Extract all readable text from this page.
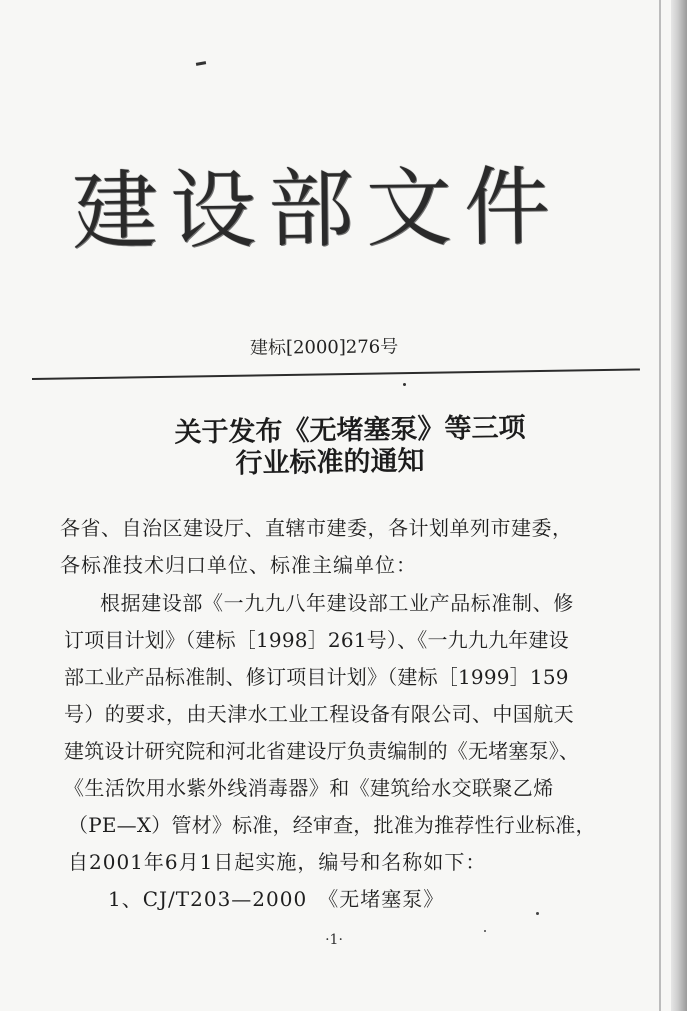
建设部文件
建标[2000]276号
关于发布《无堵塞泵》等三项
行业标准的通知
各省、自治区建设厅、直辖市建委，各计划单列市建委，
各标准技术归口单位、标准主编单位：
根据建设部《一九九八年建设部工业产品标准制、修
订项目计划》（建标［1998］261号）、《一九九九年建设
部工业产品标准制、修订项目计划》（建标［1999］159
号）的要求，由天津水工业工程设备有限公司、中国航天
建筑设计研究院和河北省建设厅负责编制的《无堵塞泵》、
《生活饮用水紫外线消毒器》和《建筑给水交联聚乙烯
（PE—X）管材》标准，经审查，批准为推荐性行业标准，
自2001年6月1日起实施，编号和名称如下：
1、CJ/T203—2000　《无堵塞泵》
·1·
